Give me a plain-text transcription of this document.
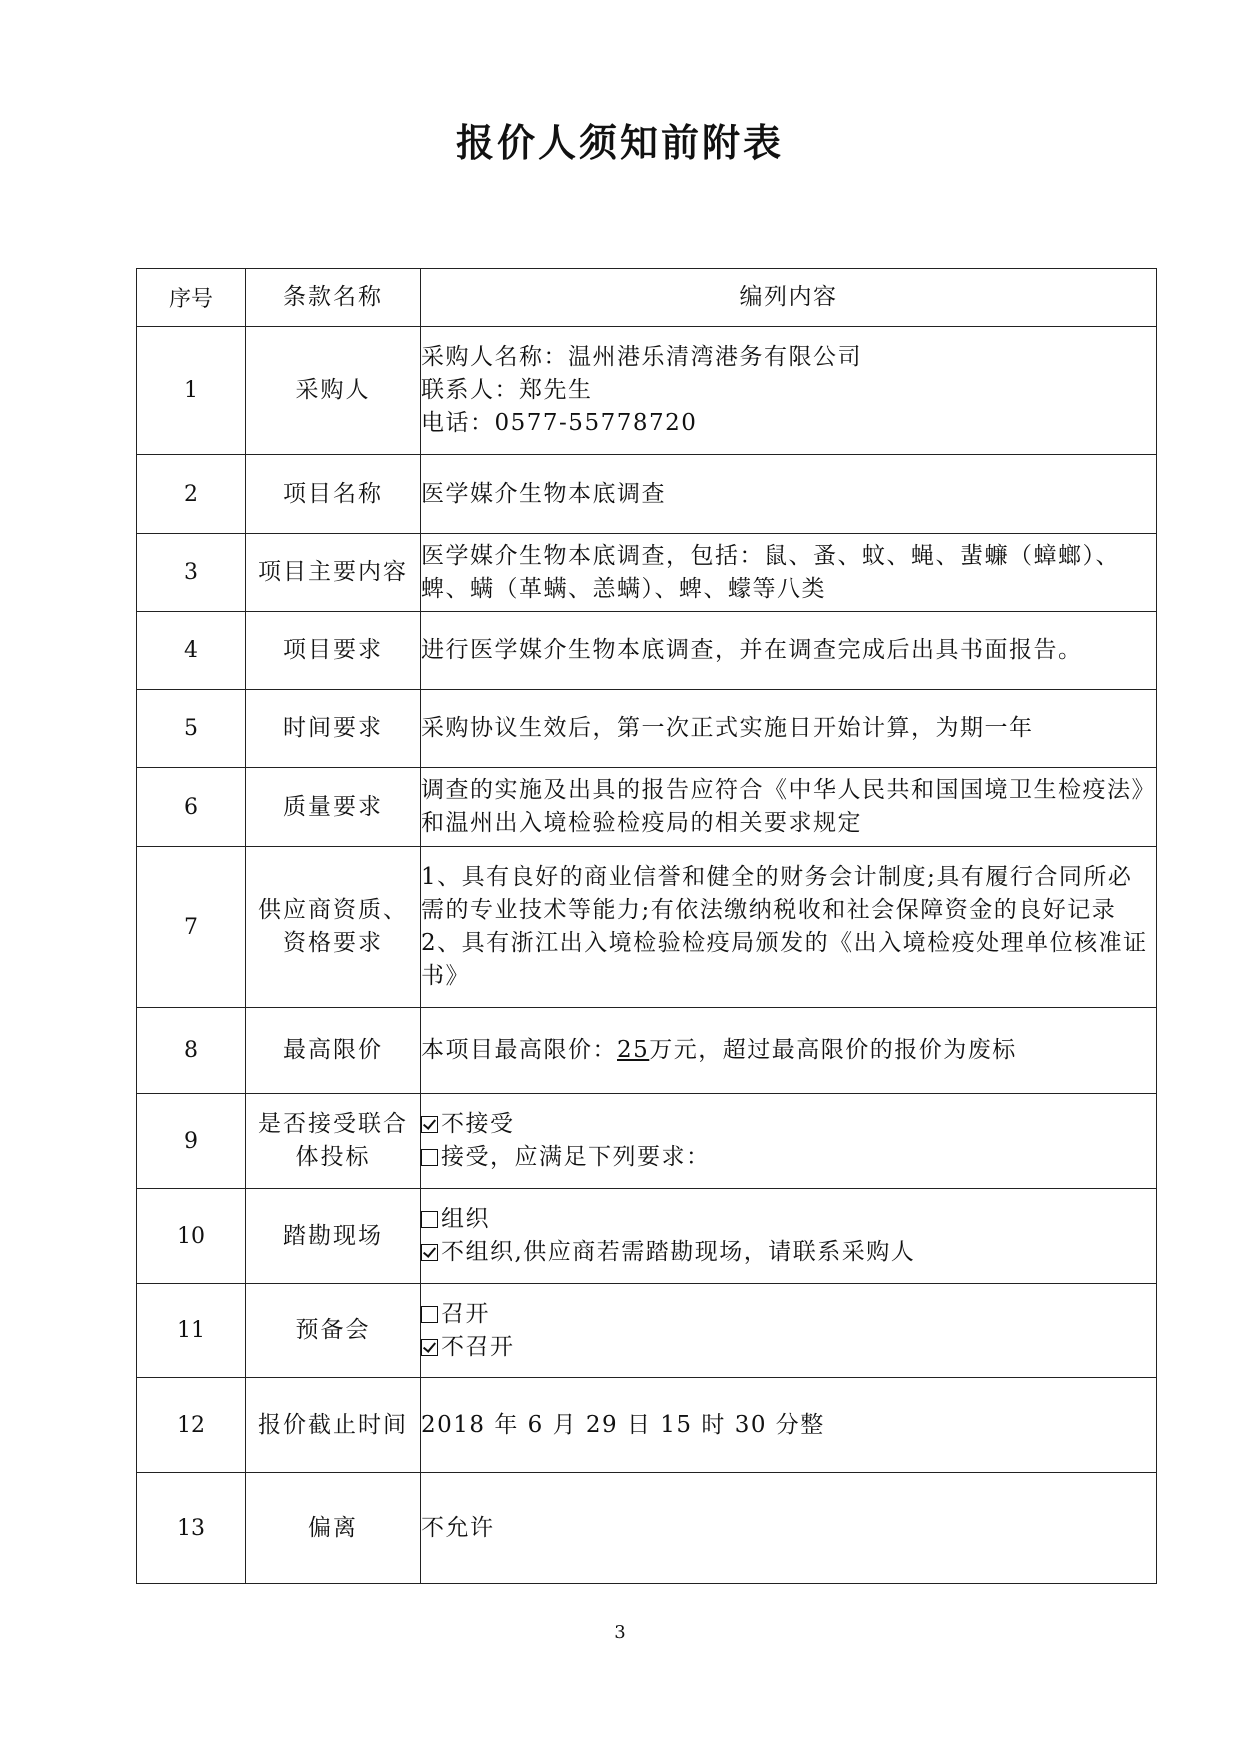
报价人须知前附表
序号	条款名称	编列内容
1	采购人	采购人名称：温州港乐清湾港务有限公司

联系人：郑先生

电话：0577-55778720

2	项目名称	医学媒介生物本底调查

3	项目主要内容	医学媒介生物本底调查，包括：鼠、蚤、蚊、蝇、蜚蠊（蟑螂）、蜱、螨（革螨、恙螨）、蜱、蠓等八类

4	项目要求	进行医学媒介生物本底调查，并在调查完成后出具书面报告。

5	时间要求	采购协议生效后，第一次正式实施日开始计算，为期一年

6	质量要求	调查的实施及出具的报告应符合《中华人民共和国国境卫生检疫法》和温州出入境检验检疫局的相关要求规定

7	供应商资质、资格要求	1、具有良好的商业信誉和健全的财务会计制度;具有履行合同所必需的专业技术等能力;有依法缴纳税收和社会保障资金的良好记录

2、具有浙江出入境检验检疫局颁发的《出入境检疫处理单位核准证书》

8	最高限价	本项目最高限价：25万元，超过最高限价的报价为废标

9	是否接受联合体投标	不接受

接受，应满足下列要求：

10	踏勘现场	组织

不组织,供应商若需踏勘现场，请联系采购人

11	预备会	召开

不召开

12	报价截止时间	2018 年 6 月 29 日 15 时 30 分整

13	偏离	不允许

3
